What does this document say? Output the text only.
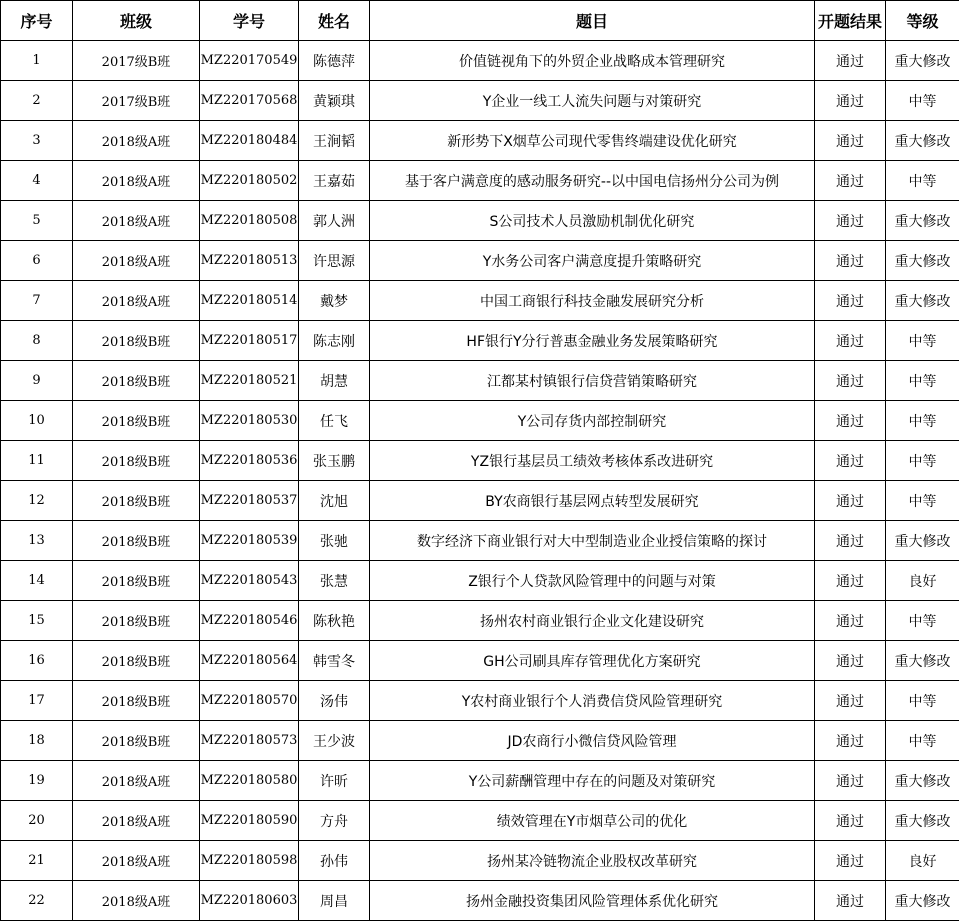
序号	班级	学号	姓名	题目	开题结果	等级
1	2017级B班	MZ220170549	陈德萍	价值链视角下的外贸企业战略成本管理研究	通过	重大修改
2	2017级B班	MZ220170568	黄颖琪	Y企业一线工人流失问题与对策研究	通过	中等
3	2018级A班	MZ220180484	王涧韬	新形势下X烟草公司现代零售终端建设优化研究	通过	重大修改
4	2018级A班	MZ220180502	王嘉茹	基于客户满意度的感动服务研究--以中国电信扬州分公司为例	通过	中等
5	2018级A班	MZ220180508	郭人洲	S公司技术人员激励机制优化研究	通过	重大修改
6	2018级A班	MZ220180513	许思源	Y水务公司客户满意度提升策略研究	通过	重大修改
7	2018级A班	MZ220180514	戴梦	中国工商银行科技金融发展研究分析	通过	重大修改
8	2018级B班	MZ220180517	陈志刚	HF银行Y分行普惠金融业务发展策略研究	通过	中等
9	2018级B班	MZ220180521	胡慧	江都某村镇银行信贷营销策略研究	通过	中等
10	2018级B班	MZ220180530	任飞	Y公司存货内部控制研究	通过	中等
11	2018级B班	MZ220180536	张玉鹏	YZ银行基层员工绩效考核体系改进研究	通过	中等
12	2018级B班	MZ220180537	沈旭	BY农商银行基层网点转型发展研究	通过	中等
13	2018级B班	MZ220180539	张驰	数字经济下商业银行对大中型制造业企业授信策略的探讨	通过	重大修改
14	2018级B班	MZ220180543	张慧	Z银行个人贷款风险管理中的问题与对策	通过	良好
15	2018级B班	MZ220180546	陈秋艳	扬州农村商业银行企业文化建设研究	通过	中等
16	2018级B班	MZ220180564	韩雪冬	GH公司刷具库存管理优化方案研究	通过	重大修改
17	2018级B班	MZ220180570	汤伟	Y农村商业银行个人消费信贷风险管理研究	通过	中等
18	2018级B班	MZ220180573	王少波	JD农商行小微信贷风险管理	通过	中等
19	2018级A班	MZ220180580	许昕	Y公司薪酬管理中存在的问题及对策研究	通过	重大修改
20	2018级A班	MZ220180590	方舟	绩效管理在Y市烟草公司的优化	通过	重大修改
21	2018级A班	MZ220180598	孙伟	扬州某冷链物流企业股权改革研究	通过	良好
22	2018级A班	MZ220180603	周昌	扬州金融投资集团风险管理体系优化研究	通过	重大修改
